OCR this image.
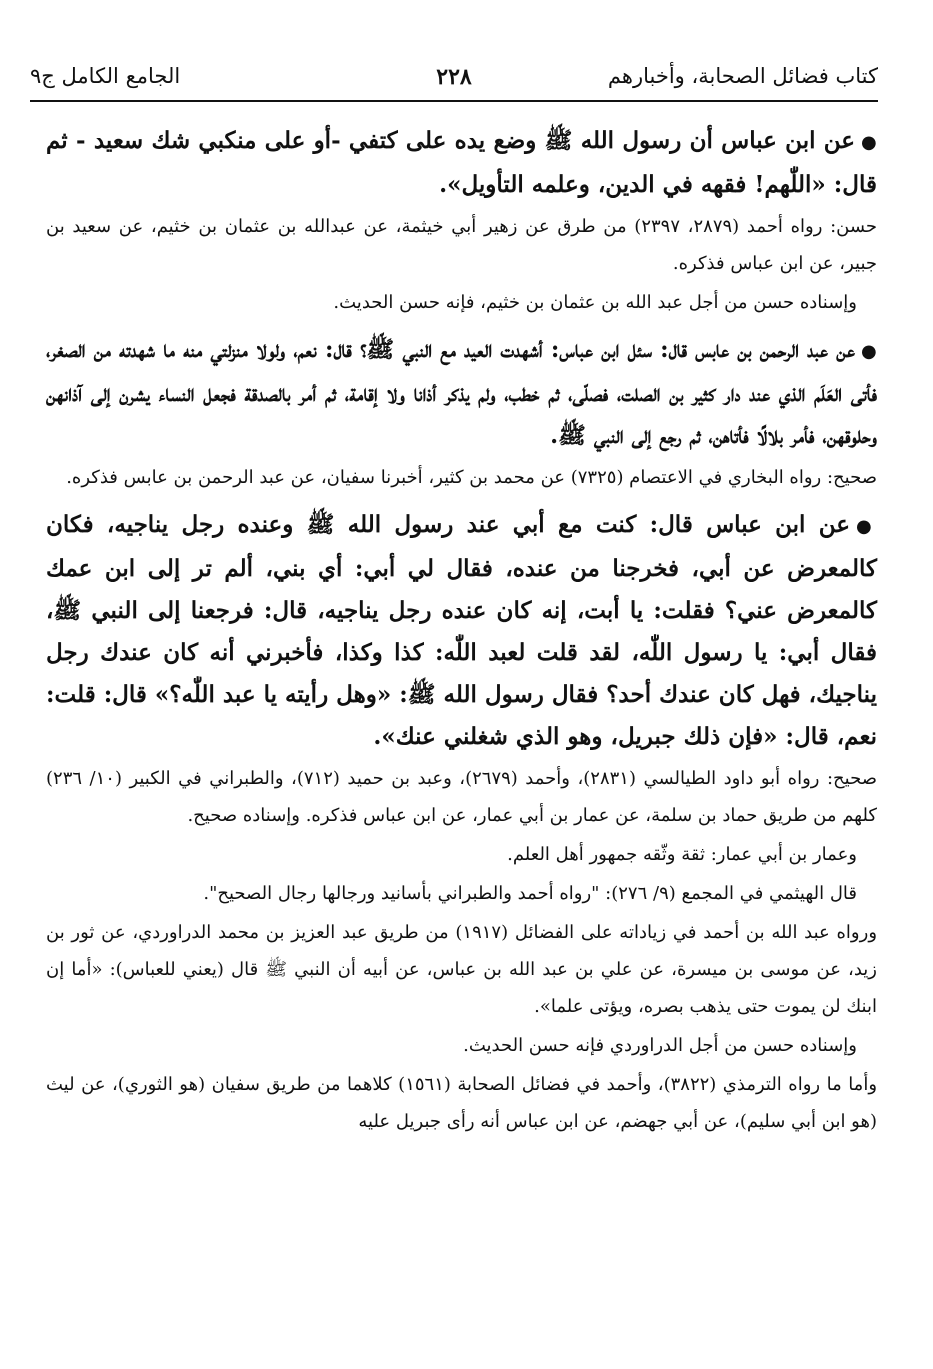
كتاب فضائل الصحابة، وأخبارهم
٢٢٨
الجامع الكامل ج٩

●عن ابن عباس أن رسول الله ﷺ وضع يده على كتفي -أو على منكبي شك سعيد - ثم قال: «اللّٰهم! فقهه في الدين، وعلمه التأويل».

حسن: رواه أحمد (٢٨٧٩، ٢٣٩٧) من طرق عن زهير أبي خيثمة، عن عبدالله بن عثمان بن خثيم، عن سعيد بن جبير، عن ابن عباس فذكره.

وإسناده حسن من أجل عبد الله بن عثمان بن خثيم، فإنه حسن الحديث.

●عن عبد الرحمن بن عابس قال: سئل ابن عباس: أشهدت العيد مع النبي ﷺ؟ قال: نعم، ولولا منزلتي منه ما شهدته من الصغر، فأتى العَلَم الذي عند دار كثير بن الصلت، فصلّى، ثم خطب، ولم يذكر أذانا ولا إقامة، ثم أمر بالصدقة فجعل النساء يشرن إلى آذانهن وحلوقهن، فأمر بلالًا فأتاهن، ثم رجع إلى النبي ﷺ.

صحيح: رواه البخاري في الاعتصام (٧٣٢٥) عن محمد بن كثير، أخبرنا سفيان، عن عبد الرحمن بن عابس فذكره.

●عن ابن عباس قال: كنت مع أبي عند رسول الله ﷺ وعنده رجل يناجيه، فكان كالمعرض عن أبي، فخرجنا من عنده، فقال لي أبي: أي بني، ألم تر إلى ابن عمك كالمعرض عني؟ فقلت: يا أبت، إنه كان عنده رجل يناجيه، قال: فرجعنا إلى النبي ﷺ، فقال أبي: يا رسول اللّٰه، لقد قلت لعبد اللّٰه: كذا وكذا، فأخبرني أنه كان عندك رجل يناجيك، فهل كان عندك أحد؟ فقال رسول الله ﷺ: «وهل رأيته يا عبد اللّٰه؟» قال: قلت: نعم، قال: «فإن ذلك جبريل، وهو الذي شغلني عنك».

صحيح: رواه أبو داود الطيالسي (٢٨٣١)، وأحمد (٢٦٧٩)، وعبد بن حميد (٧١٢)، والطبراني في الكبير (١٠/ ٢٣٦) كلهم من طريق حماد بن سلمة، عن عمار بن أبي عمار، عن ابن عباس فذكره. وإسناده صحيح.

وعمار بن أبي عمار: ثقة وثّقه جمهور أهل العلم.

قال الهيثمي في المجمع (٩/ ٢٧٦): "رواه أحمد والطبراني بأسانيد ورجالها رجال الصحيح".

ورواه عبد الله بن أحمد في زياداته على الفضائل (١٩١٧) من طريق عبد العزيز بن محمد الدراوردي، عن ثور بن زيد، عن موسى بن ميسرة، عن علي بن عبد الله بن عباس، عن أبيه أن النبي ﷺ قال (يعني للعباس): «أما إن ابنك لن يموت حتى يذهب بصره، ويؤتى علما».

وإسناده حسن من أجل الدراوردي فإنه حسن الحديث.

وأما ما رواه الترمذي (٣٨٢٢)، وأحمد في فضائل الصحابة (١٥٦١) كلاهما من طريق سفيان (هو الثوري)، عن ليث (هو ابن أبي سليم)، عن أبي جهضم، عن ابن عباس أنه رأى جبريل عليه
